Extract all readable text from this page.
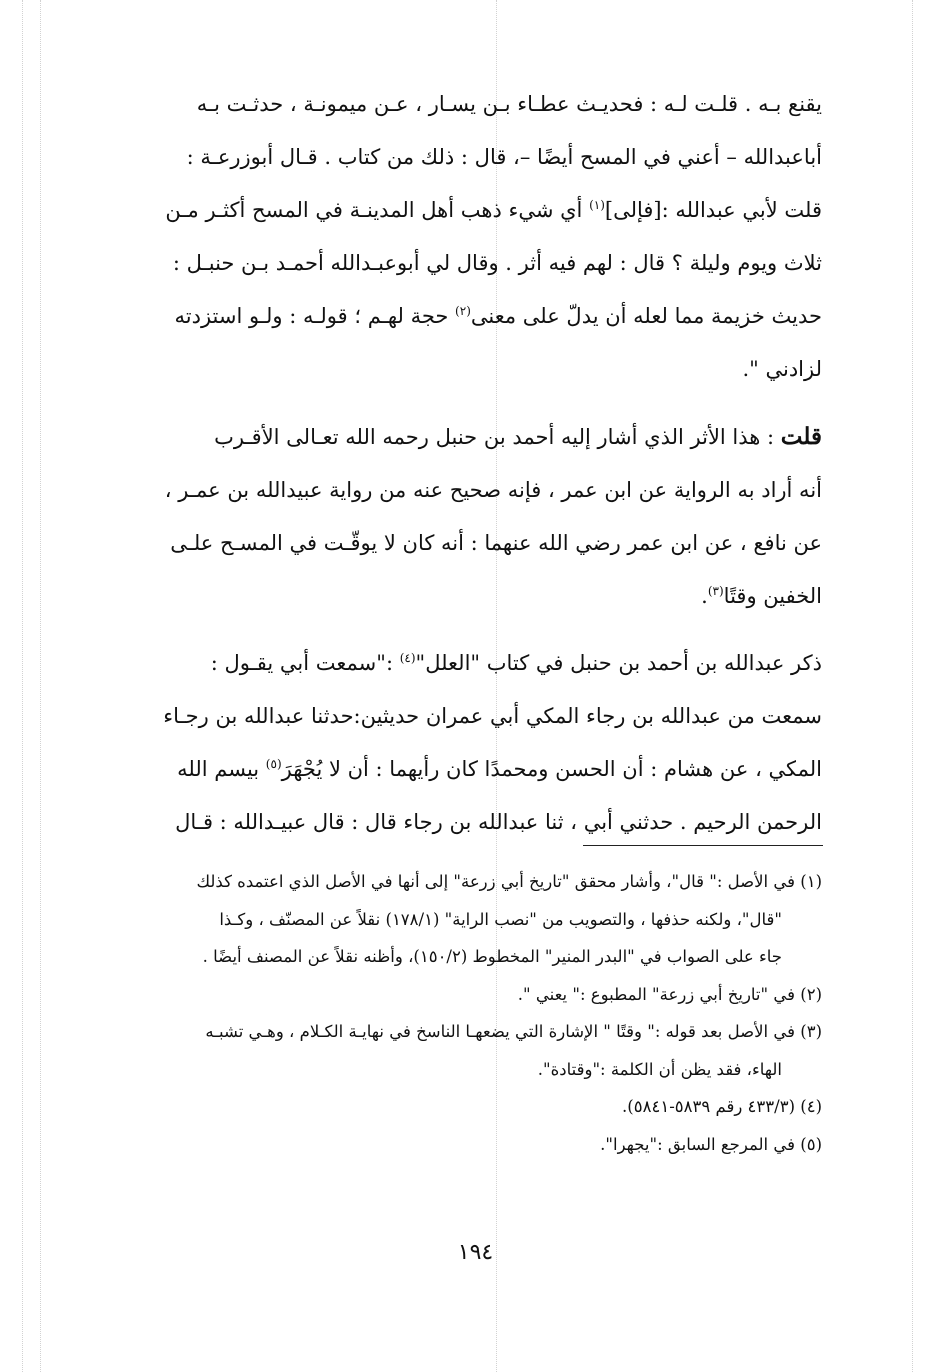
يقنع بـه . قلـت لـه : فحديـث عطـاء بـن يسـار ، عـن ميمونـة ، حدثـت بـه

أباعبدالله – أعني في المسح أيضًا –، قال : ذلك من كتاب . قـال أبوزرعـة :

قلت لأبي عبدالله :[فإلى]$^{(١)}$ أي شيء ذهب أهل المدينـة في المسح أكثـر مـن

ثلاث ويوم وليلة ؟ قال : لهم فيه أثر . وقال لي أبوعبـدالله أحمـد بـن حنبـل :

حديث خزيمة مما لعله أن يدلّ على معنى$^{(٢)}$ حجة لهـم ؛ قولـه : ولـو استزدته

لزادني ".

قلت : هذا الأثر الذي أشار إليه أحمد بن حنبل رحمه الله تعـالى الأقـرب

أنه أراد به الرواية عن ابن عمر ، فإنه صحيح عنه من رواية عبيدالله بن عمـر ،

عن نافع ، عن ابن عمر رضي الله عنهما : أنه كان لا يوقّـت في المسـح علـى

الخفين وقتًا$^{(٣)}$.

ذكر عبدالله بن أحمد بن حنبل في كتاب "العلل"$^{(٤)}$ :"سمعت أبي يقـول :

سمعت من عبدالله بن رجاء المكي أبي عمران حديثين:حدثنا عبدالله بن رجـاء

المكي ، عن هشام : أن الحسن ومحمدًا كان رأيهما : أن لا يُجْهَرَ$^{(٥)}$ بيسم الله

الرحمن الرحيم . حدثني أبي ، ثنا عبدالله بن رجاء قال : قال عبيـدالله : قـال

(١) في الأصل :" قال"، وأشار محقق "تاريخ أبي زرعة" إلى أنها في الأصل الذي اعتمده كذلك
"قال"، ولكنه حذفها ، والتصويب من "نصب الراية" (١٧٨/١) نقلاً عن المصنّف ، وكـذا
جاء على الصواب في "البدر المنير" المخطوط (١٥٠/٢)، وأظنه نقلاً عن المصنف أيضًا .
(٢) في "تاريخ أبي زرعة" المطبوع :" يعني ".
(٣) في الأصل بعد قوله :" وقتًا " الإشارة التي يضعهـا الناسخ في نهايـة الكـلام ، وهـي تشبـه
الهاء، فقد يظن أن الكلمة :"وقتادة".
(٤) (٤٣٣/٣ رقم ٥٨٣٩-٥٨٤١).
(٥) في المرجع السابق :"يجهرا".
١٩٤
